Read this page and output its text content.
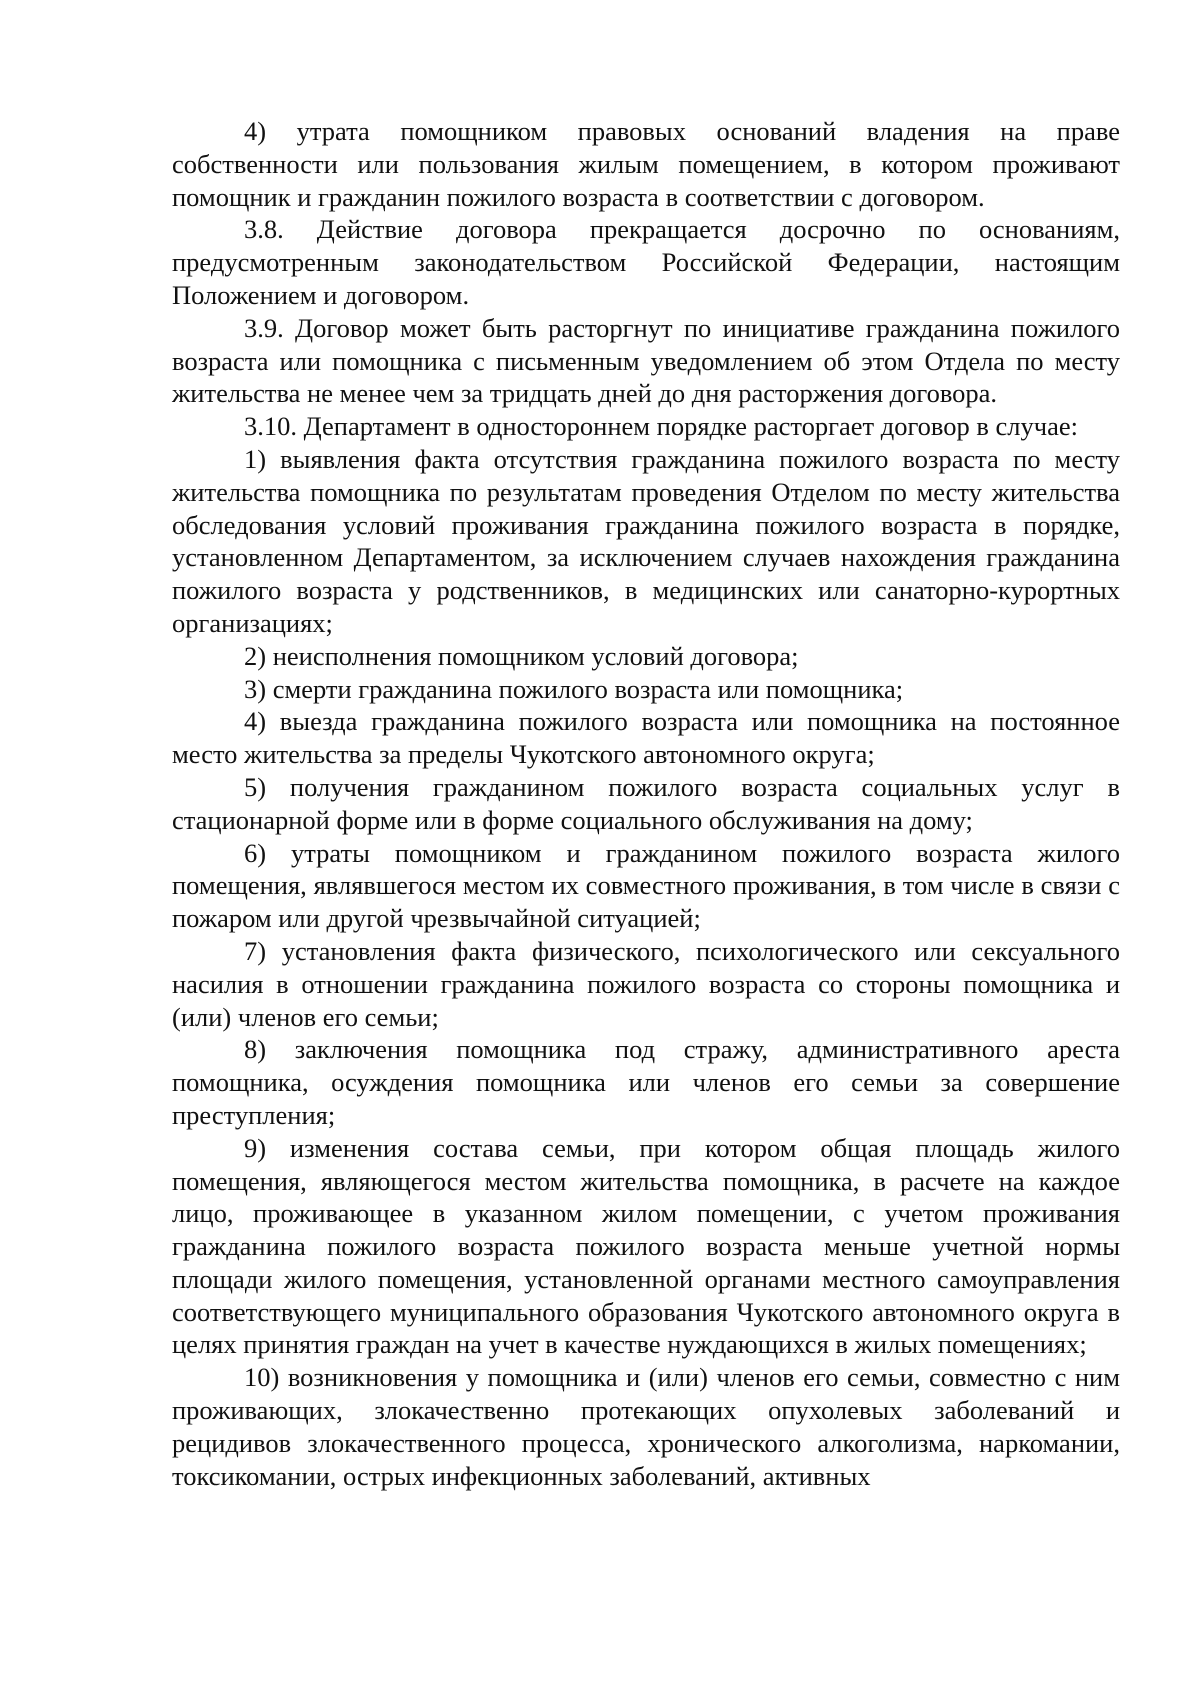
4) утрата помощником правовых оснований владения на праве собственности или пользования жилым помещением, в котором проживают помощник и гражданин пожилого возраста в соответствии с договором.

3.8. Действие договора прекращается досрочно по основаниям, предусмотренным законодательством Российской Федерации, настоящим Положением и договором.

3.9. Договор может быть расторгнут по инициативе гражданина пожилого возраста или помощника с письменным уведомлением об этом Отдела по месту жительства не менее чем за тридцать дней до дня расторжения договора.

3.10. Департамент в одностороннем порядке расторгает договор в случае:

1) выявления факта отсутствия гражданина пожилого возраста по месту жительства помощника по результатам проведения Отделом по месту жительства обследования условий проживания гражданина пожилого возраста в порядке, установленном Департаментом, за исключением случаев нахождения гражданина пожилого возраста у родственников, в медицинских или санаторно-курортных организациях;

2) неисполнения помощником условий договора;

3) смерти гражданина пожилого возраста или помощника;

4) выезда гражданина пожилого возраста или помощника на постоянное место жительства за пределы Чукотского автономного округа;

5) получения гражданином пожилого возраста социальных услуг в стационарной форме или в форме социального обслуживания на дому;

6) утраты помощником и гражданином пожилого возраста жилого помещения, являвшегося местом их совместного проживания, в том числе в связи с пожаром или другой чрезвычайной ситуацией;

7) установления факта физического, психологического или сексуального насилия в отношении гражданина пожилого возраста со стороны помощника и (или) членов его семьи;

8) заключения помощника под стражу, административного ареста помощника, осуждения помощника или членов его семьи за совершение преступления;

9) изменения состава семьи, при котором общая площадь жилого помещения, являющегося местом жительства помощника, в расчете на каждое лицо, проживающее в указанном жилом помещении, с учетом проживания гражданина пожилого возраста пожилого возраста меньше учетной нормы площади жилого помещения, установленной органами местного самоуправления соответствующего муниципального образования Чукотского автономного округа в целях принятия граждан на учет в качестве нуждающихся в жилых помещениях;

10) возникновения у помощника и (или) членов его семьи, совместно с ним проживающих, злокачественно протекающих опухолевых заболеваний и рецидивов злокачественного процесса, хронического алкоголизма, наркомании, токсикомании, острых инфекционных заболеваний, активных
